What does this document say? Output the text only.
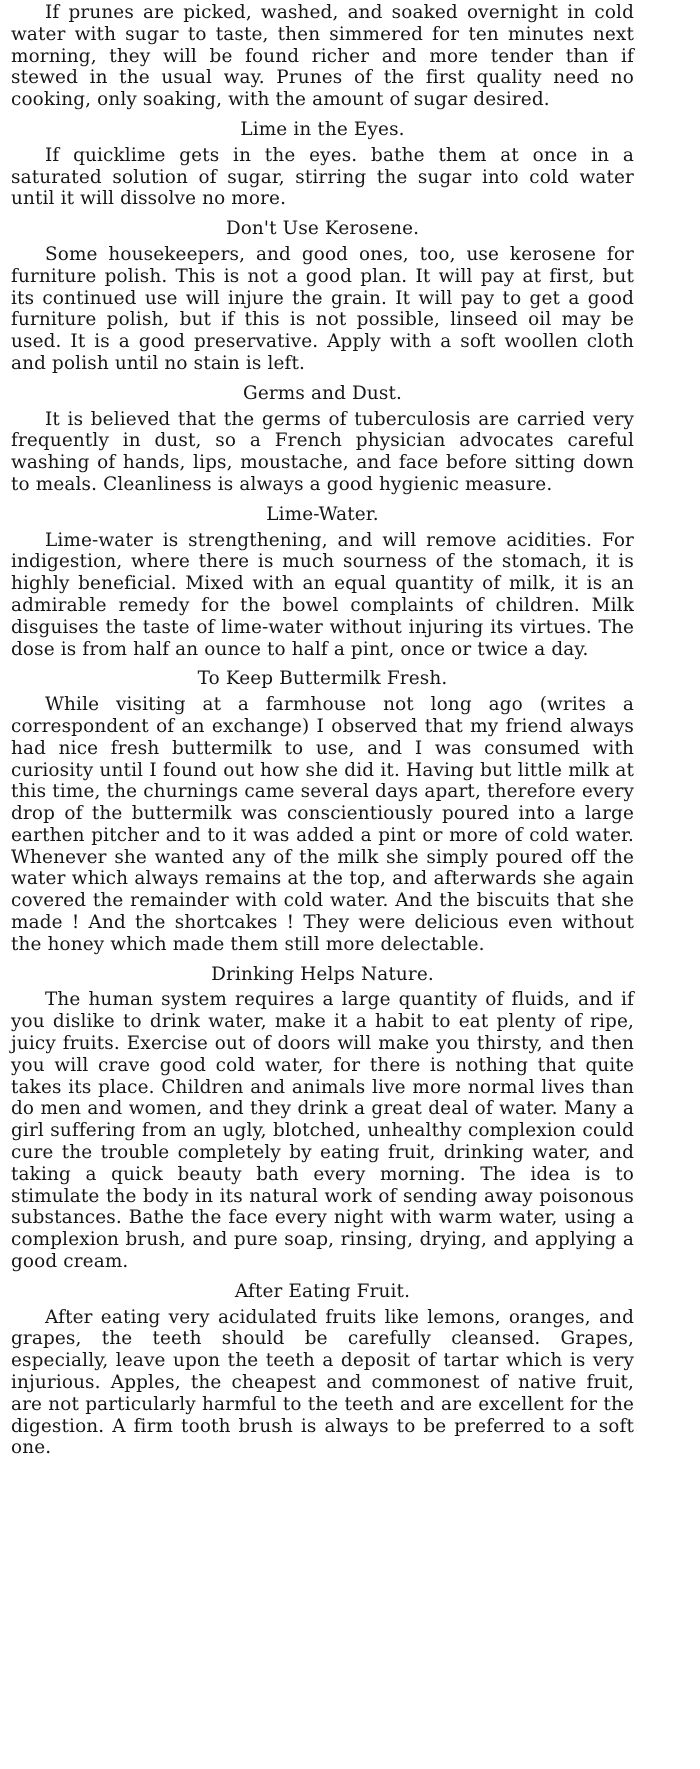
If prunes are picked, washed, and soaked overnight in cold water with sugar to taste, then simmered for ten minutes next morning, they will be found richer and more tender than if stewed in the usual way. Prunes of the first quality need no cooking, only soaking, with the amount of sugar desired.

Lime in the Eyes.

If quicklime gets in the eyes. bathe them at once in a saturated solution of sugar, stirring the sugar into cold water until it will dissolve no more.

Don't Use Kerosene.

Some housekeepers, and good ones, too, use kerosene for furniture polish. This is not a good plan. It will pay at first, but its continued use will injure the grain. It will pay to get a good furniture polish, but if this is not possible, linseed oil may be used. It is a good preservative. Apply with a soft woollen cloth and polish until no stain is left.

Germs and Dust.

It is believed that the germs of tuberculosis are carried very frequently in dust, so a French physician advocates careful washing of hands, lips, moustache, and face before sitting down to meals. Cleanliness is always a good hygienic measure.

Lime-Water.

Lime-water is strengthening, and will remove acidities. For indigestion, where there is much sourness of the stomach, it is highly beneficial. Mixed with an equal quantity of milk, it is an admirable remedy for the bowel complaints of children. Milk disguises the taste of lime-water without injuring its virtues. The dose is from half an ounce to half a pint, once or twice a day.

To Keep Buttermilk Fresh.

While visiting at a farmhouse not long ago (writes a correspondent of an exchange) I observed that my friend always had nice fresh buttermilk to use, and I was consumed with curiosity until I found out how she did it. Having but little milk at this time, the churnings came several days apart, therefore every drop of the buttermilk was conscientiously poured into a large earthen pitcher and to it was added a pint or more of cold water. Whenever she wanted any of the milk she simply poured off the water which always remains at the top, and afterwards she again covered the remainder with cold water. And the biscuits that she made ! And the shortcakes ! They were delicious even without the honey which made them still more delectable.

Drinking Helps Nature.

The human system requires a large quantity of fluids, and if you dislike to drink water, make it a habit to eat plenty of ripe, juicy fruits. Exercise out of doors will make you thirsty, and then you will crave good cold water, for there is nothing that quite takes its place. Children and animals live more normal lives than do men and women, and they drink a great deal of water. Many a girl suffering from an ugly, blotched, unhealthy complexion could cure the trouble completely by eating fruit, drinking water, and taking a quick beauty bath every morning. The idea is to stimulate the body in its natural work of sending away poisonous substances. Bathe the face every night with warm water, using a complexion brush, and pure soap, rinsing, drying, and applying a good cream.

After Eating Fruit.

After eating very acidulated fruits like lemons, oranges, and grapes, the teeth should be carefully cleansed. Grapes, especially, leave upon the teeth a deposit of tartar which is very injurious. Apples, the cheapest and commonest of native fruit, are not particularly harmful to the teeth and are excellent for the digestion. A firm tooth brush is always to be preferred to a soft one.
